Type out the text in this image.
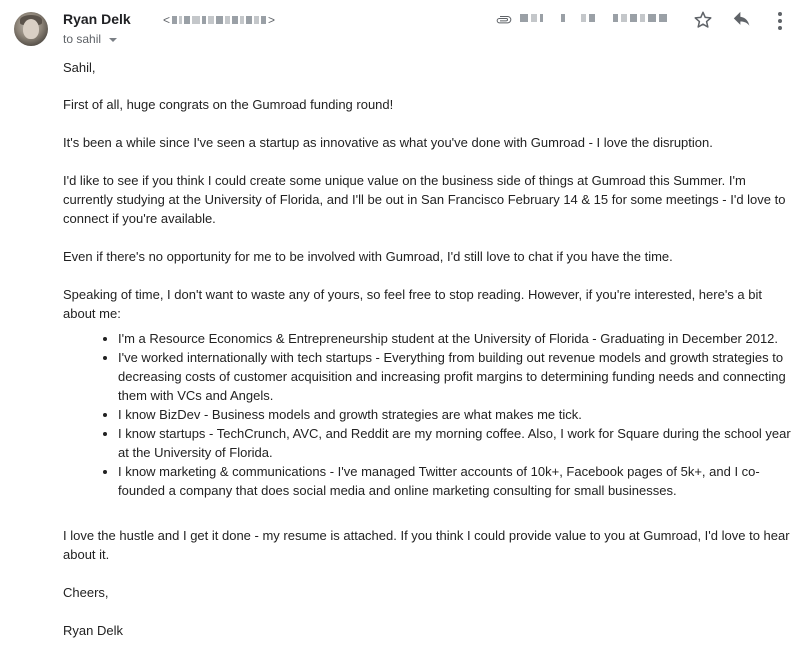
Ryan Delk	<	>
to sahil

Sahil,

First of all, huge congrats on the Gumroad funding round!

It's been a while since I've seen a startup as innovative as what you've done with Gumroad - I love the disruption.

I'd like to see if you think I could create some unique value on the business side of things at Gumroad this Summer. I'm currently studying at the University of Florida, and I'll be out in San Francisco February 14 & 15 for some meetings - I'd love to connect if you're available.

Even if there's no opportunity for me to be involved with Gumroad, I'd still love to chat if you have the time.

Speaking of time, I don't want to waste any of yours, so feel free to stop reading. However, if you're interested, here's a bit about me:

• I'm a Resource Economics & Entrepreneurship student at the University of Florida - Graduating in December 2012.
• I've worked internationally with tech startups - Everything from building out revenue models and growth strategies to decreasing costs of customer acquisition and increasing profit margins to determining funding needs and connecting them with VCs and Angels.
• I know BizDev - Business models and growth strategies are what makes me tick.
• I know startups - TechCrunch, AVC, and Reddit are my morning coffee. Also, I work for Square during the school year at the University of Florida.
• I know marketing & communications - I've managed Twitter accounts of 10k+, Facebook pages of 5k+, and I co-founded a company that does social media and online marketing consulting for small businesses.

I love the hustle and I get it done - my resume is attached. If you think I could provide value to you at Gumroad, I'd love to hear about it.

Cheers,

Ryan Delk
